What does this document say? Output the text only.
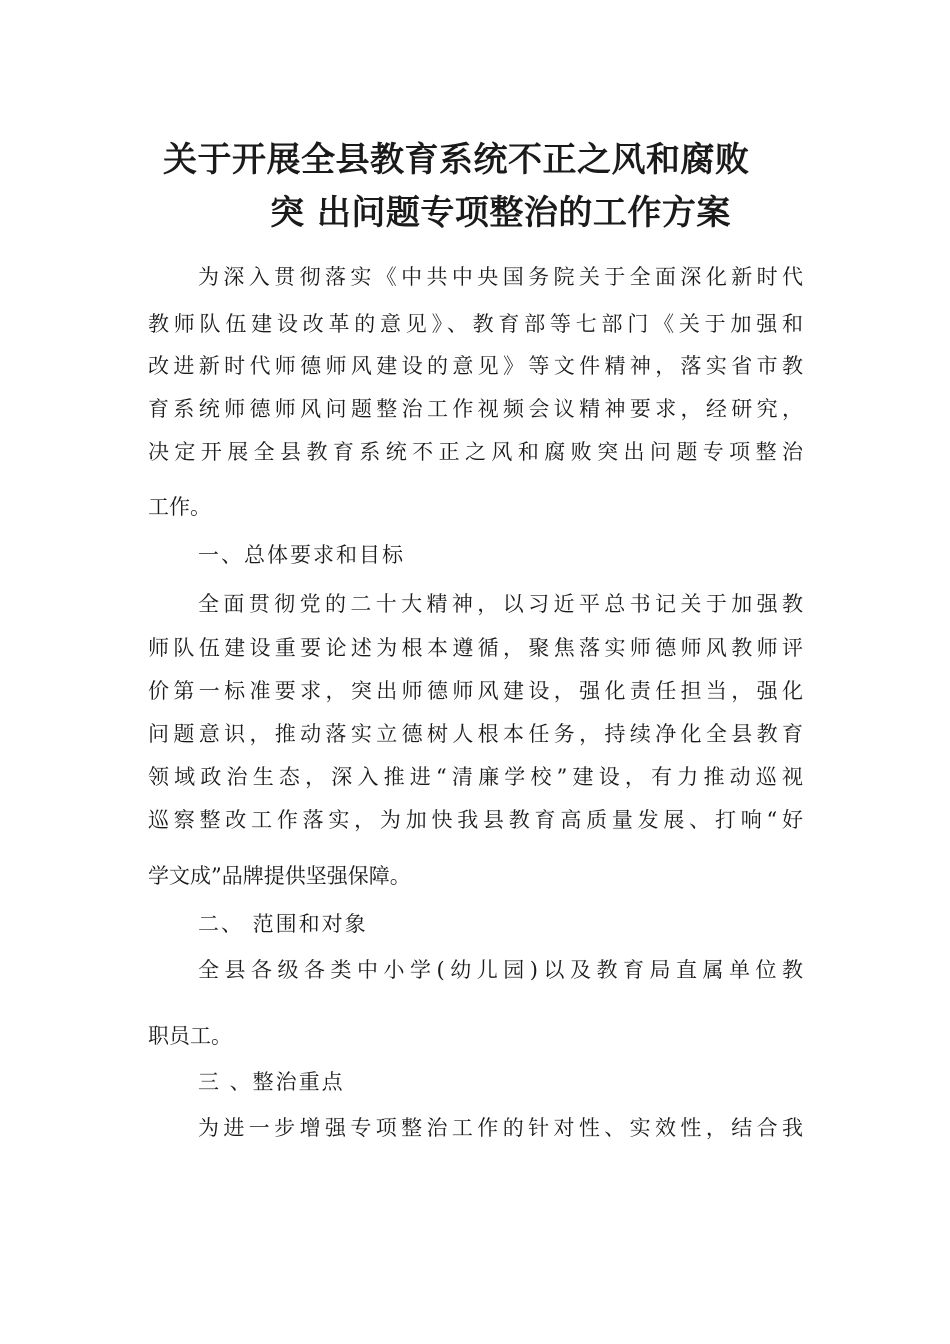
关于开展全县教育系统不正之风和腐败
突 出问题专项整治的工作方案
为深入贯彻落实《中共中央国务院关于全面深化新时代
教师队伍建设改革的意见》、教育部等七部门《关于加强和
改进新时代师德师风建设的意见》等文件精神，落实省市教
育系统师德师风问题整治工作视频会议精神要求，经研究，
决定开展全县教育系统不正之风和腐败突出问题专项整治
工作。
一、总体要求和目标
全面贯彻党的二十大精神，以习近平总书记关于加强教
师队伍建设重要论述为根本遵循，聚焦落实师德师风教师评
价第一标准要求，突出师德师风建设，强化责任担当，强化
问题意识，推动落实立德树人根本任务，持续净化全县教育
领域政治生态，深入推进“清廉学校”建设，有力推动巡视
巡察整改工作落实，为加快我县教育高质量发展、打响“好
学文成”品牌提供坚强保障。
二、 范围和对象
全县各级各类中小学(幼儿园)以及教育局直属单位教
职员工。
三 、整治重点
为进一步增强专项整治工作的针对性、实效性，结合我
